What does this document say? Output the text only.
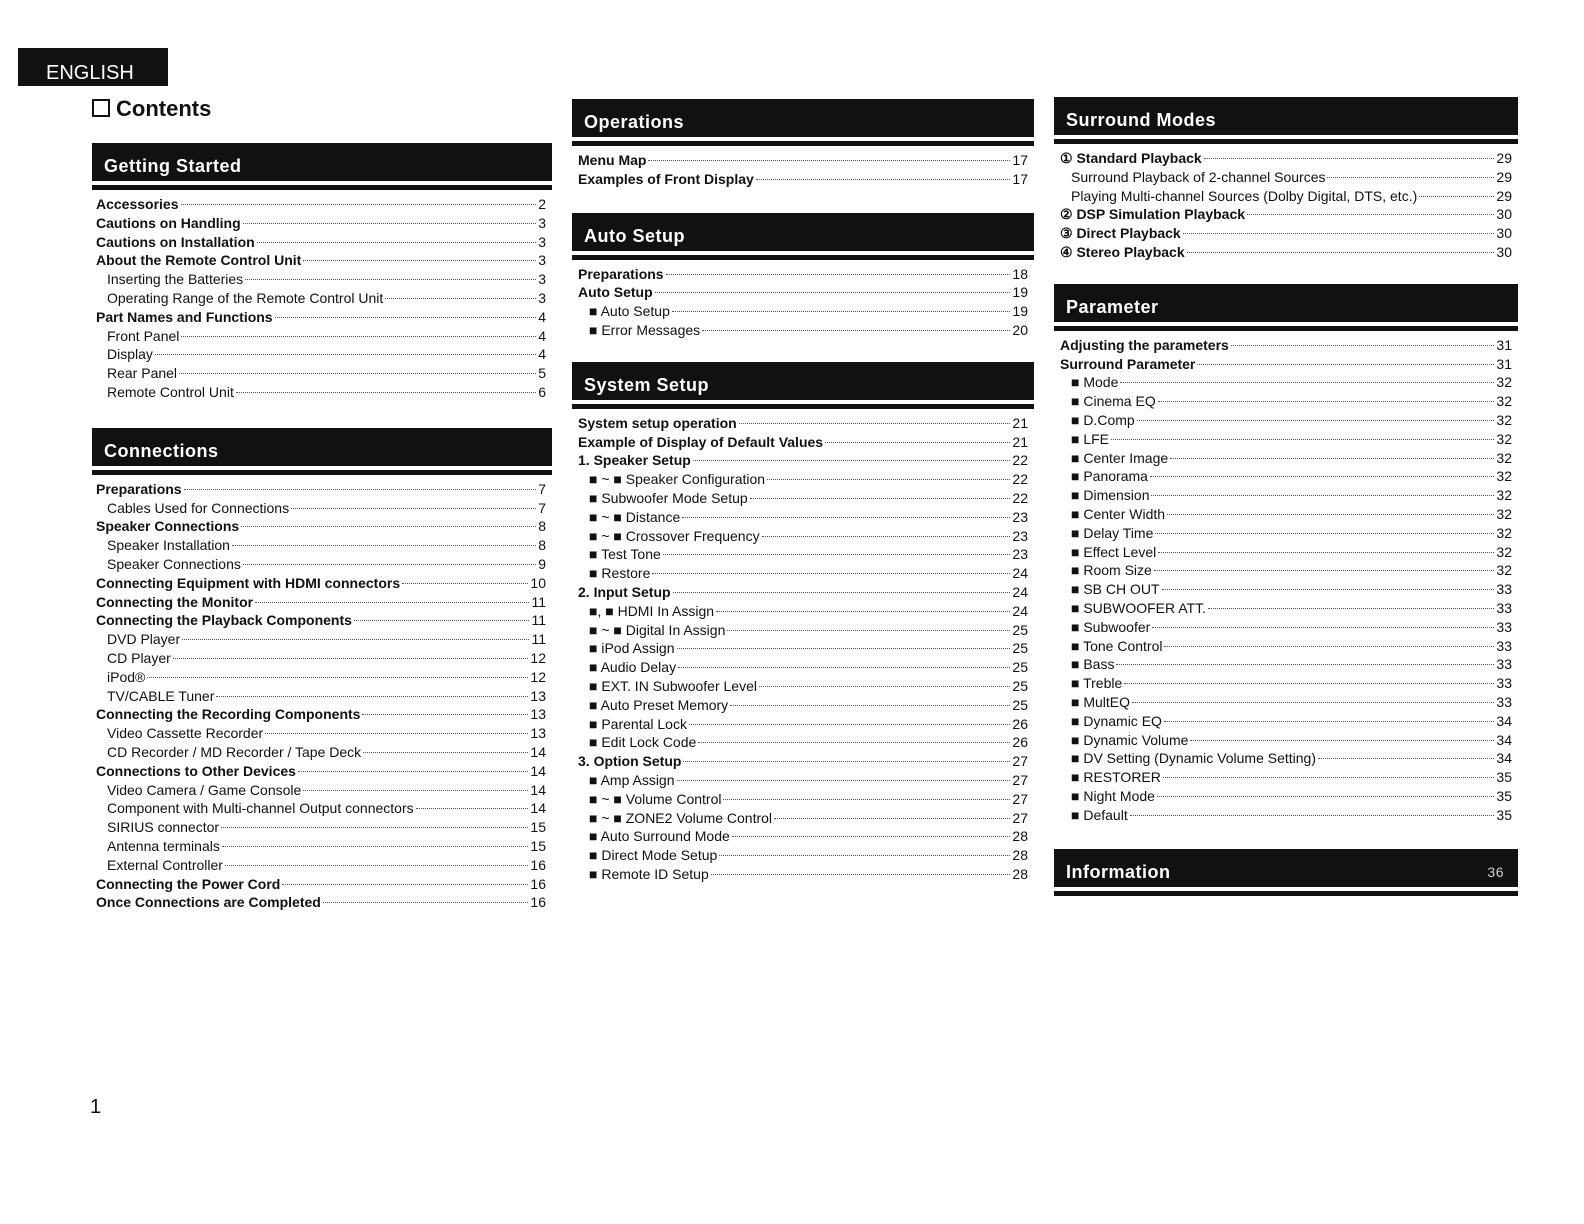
ENGLISH
Contents
Getting Started
Accessories	2
Cautions on Handling	3
Cautions on Installation	3
About the Remote Control Unit	3
Inserting the Batteries	3
Operating Range of the Remote Control Unit	3
Part Names and Functions	4
Front Panel	4
Display	4
Rear Panel	5
Remote Control Unit	6
Connections
Preparations	7
Cables Used for Connections	7
Speaker Connections	8
Speaker Installation	8
Speaker Connections	9
Connecting Equipment with HDMI connectors	10
Connecting the Monitor	11
Connecting the Playback Components	11
DVD Player	11
CD Player	12
iPod®	12
TV/CABLE Tuner	13
Connecting the Recording Components	13
Video Cassette Recorder	13
CD Recorder / MD Recorder / Tape Deck	14
Connections to Other Devices	14
Video Camera / Game Console	14
Component with Multi-channel Output connectors	14
SIRIUS connector	15
Antenna terminals	15
External Controller	16
Connecting the Power Cord	16
Once Connections are Completed	16
Operations
Menu Map	17
Examples of Front Display	17
Auto Setup
Preparations	18
Auto Setup	19
■ Auto Setup	19
■ Error Messages	20
System Setup
System setup operation	21
Example of Display of Default Values	21
1. Speaker Setup	22
■ ~ ■ Speaker Configuration	22
■ Subwoofer Mode Setup	22
■ ~ ■ Distance	23
■ ~ ■ Crossover Frequency	23
■ Test Tone	23
■ Restore	24
2. Input Setup	24
■, ■ HDMI In Assign	24
■ ~ ■ Digital In Assign	25
■ iPod Assign	25
■ Audio Delay	25
■ EXT. IN Subwoofer Level	25
■ Auto Preset Memory	25
■ Parental Lock	26
■ Edit Lock Code	26
3. Option Setup	27
■ Amp Assign	27
■ ~ ■ Volume Control	27
■ ~ ■ ZONE2 Volume Control	27
■ Auto Surround Mode	28
■ Direct Mode Setup	28
■ Remote ID Setup	28
Surround Modes
① Standard Playback	29
Surround Playback of 2-channel Sources	29
Playing Multi-channel Sources (Dolby Digital, DTS, etc.)	29
② DSP Simulation Playback	30
③ Direct Playback	30
④ Stereo Playback	30
Parameter
Adjusting the parameters	31
Surround Parameter	31
■ Mode	32
■ Cinema EQ	32
■ D.Comp	32
■ LFE	32
■ Center Image	32
■ Panorama	32
■ Dimension	32
■ Center Width	32
■ Delay Time	32
■ Effect Level	32
■ Room Size	32
■ SB CH OUT	33
■ SUBWOOFER ATT.	33
■ Subwoofer	33
■ Tone Control	33
■ Bass	33
■ Treble	33
■ MultEQ	33
■ Dynamic EQ	34
■ Dynamic Volume	34
■ DV Setting (Dynamic Volume Setting)	34
■ RESTORER	35
■ Night Mode	35
■ Default	35
Information	36
1
